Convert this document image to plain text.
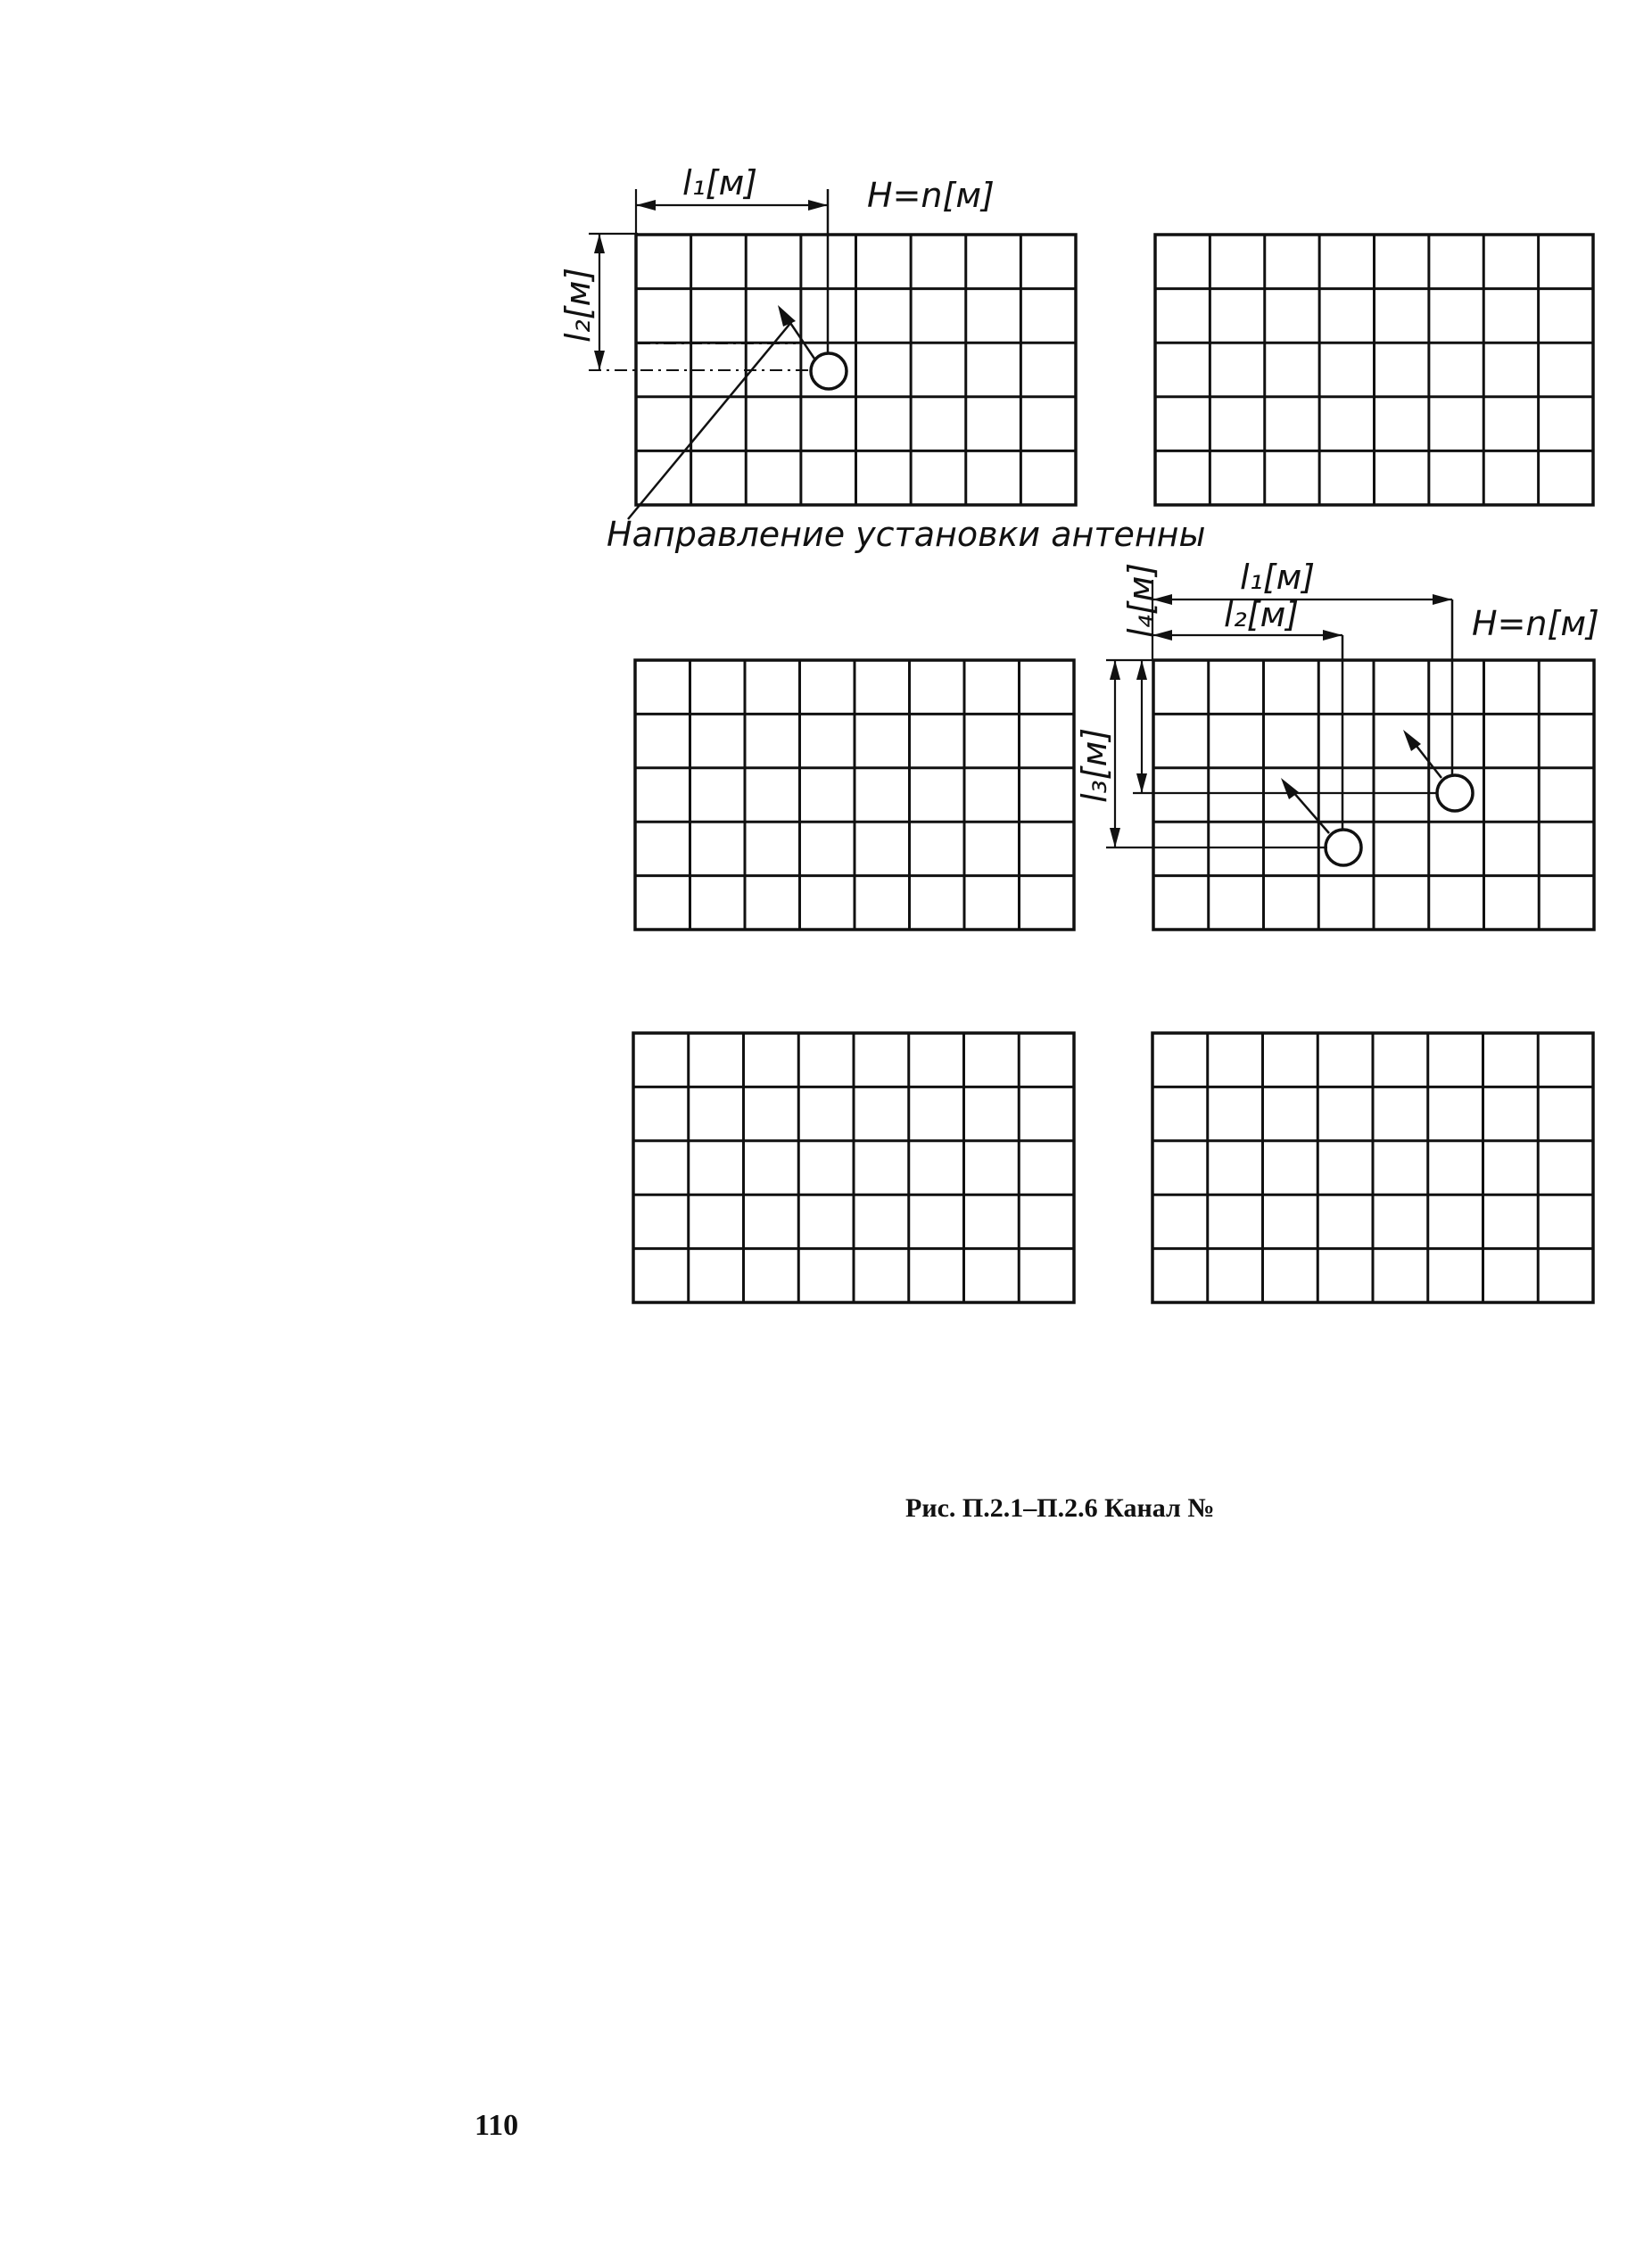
l₁[м]	H=n[м]
l₂[м]
Направление установки антенны
l₁[м]
l₂[м]	H=n[м]
l₃[м]
l₄[м]
Рис. П.2.1–П.2.6 Канал №
110
